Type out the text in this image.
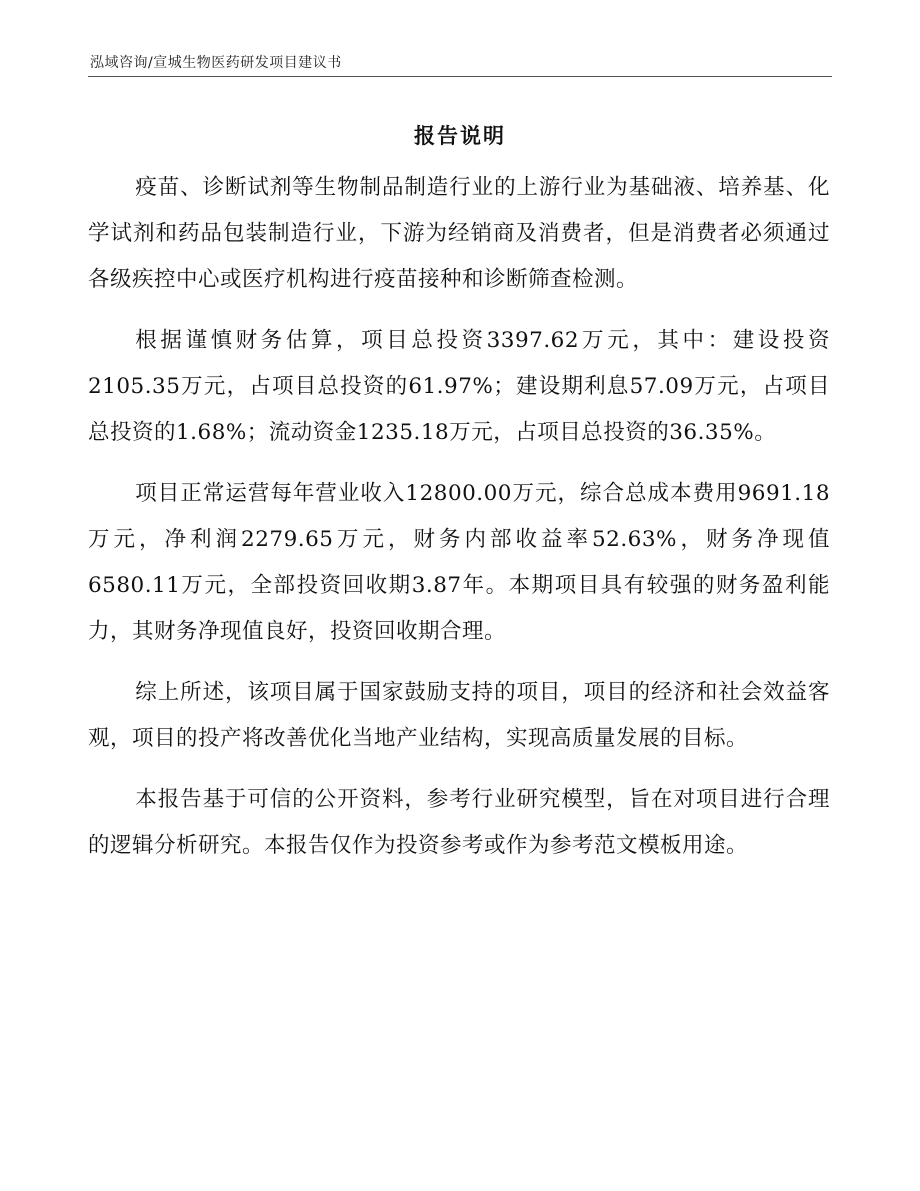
泓域咨询/宣城生物医药研发项目建议书
报告说明

疫苗、诊断试剂等生物制品制造行业的上游行业为基础液、培养基、化学试剂和药品包装制造行业，下游为经销商及消费者，但是消费者必须通过各级疾控中心或医疗机构进行疫苗接种和诊断筛查检测。

根据谨慎财务估算，项目总投资3397.62万元，其中：建设投资2105.35万元，占项目总投资的61.97%；建设期利息57.09万元，占项目总投资的1.68%；流动资金1235.18万元，占项目总投资的36.35%。

项目正常运营每年营业收入12800.00万元，综合总成本费用9691.18万元，净利润2279.65万元，财务内部收益率52.63%，财务净现值6580.11万元，全部投资回收期3.87年。本期项目具有较强的财务盈利能力，其财务净现值良好，投资回收期合理。

综上所述，该项目属于国家鼓励支持的项目，项目的经济和社会效益客观，项目的投产将改善优化当地产业结构，实现高质量发展的目标。

本报告基于可信的公开资料，参考行业研究模型，旨在对项目进行合理的逻辑分析研究。本报告仅作为投资参考或作为参考范文模板用途。
